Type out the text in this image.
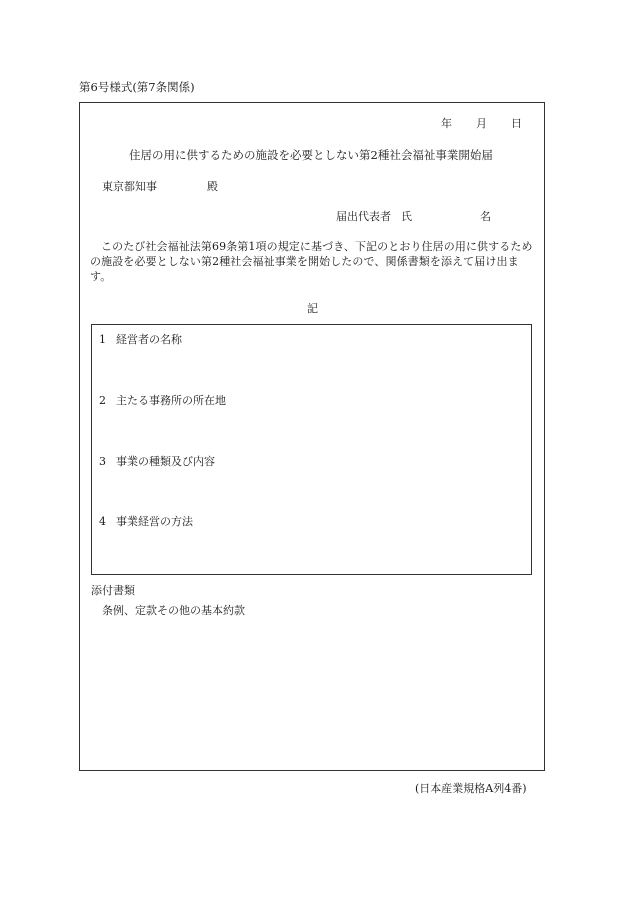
第6号様式(第7条関係)
年 月 日
住居の用に供するための施設を必要としない第2種社会福祉事業開始届
東京都知事	殿
届出代表者 氏	名
このたび社会福祉法第69条第1項の規定に基づき、下記のとおり住居の用に供するための施設を必要としない第2種社会福祉事業を開始したので、関係書類を添えて届け出ます。
記
1 経営者の名称
2 主たる事務所の所在地
3 事業の種類及び内容
4 事業経営の方法
添付書類
条例、定款その他の基本約款
(日本産業規格A列4番)
